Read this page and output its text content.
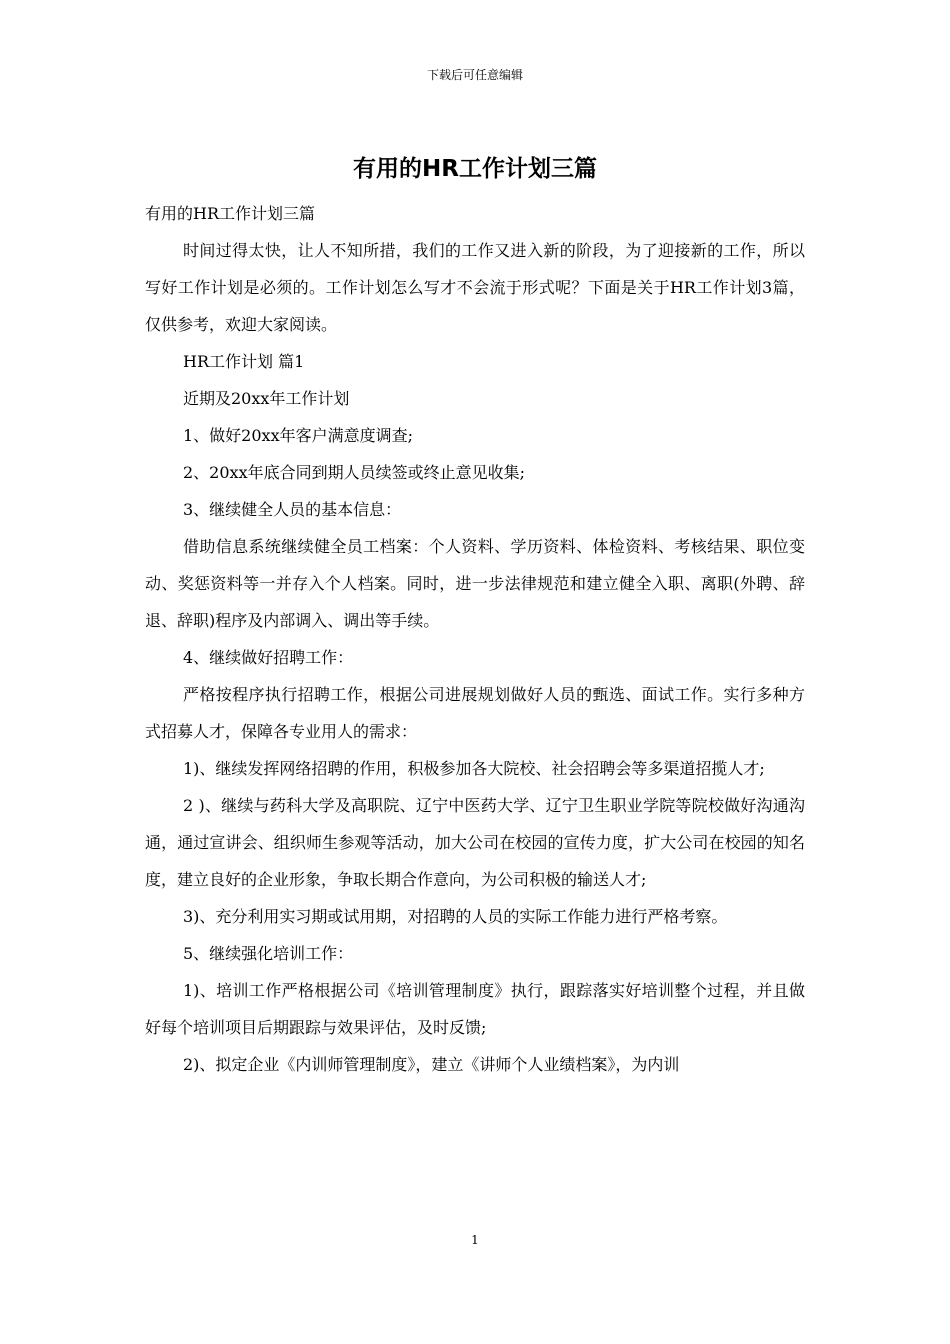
下载后可任意编辑
有用的HR工作计划三篇

有用的HR工作计划三篇

时间过得太快，让人不知所措，我们的工作又进入新的阶段，为了迎接新的工作，所以写好工作计划是必须的。工作计划怎么写才不会流于形式呢？下面是关于HR工作计划3篇，仅供参考，欢迎大家阅读。

HR工作计划 篇1

近期及20xx年工作计划

1、做好20xx年客户满意度调查;

2、20xx年底合同到期人员续签或终止意见收集;

3、继续健全人员的基本信息：

借助信息系统继续健全员工档案：个人资料、学历资料、体检资料、考核结果、职位变动、奖惩资料等一并存入个人档案。同时，进一步法律规范和建立健全入职、离职(外聘、辞退、辞职)程序及内部调入、调出等手续。

4、继续做好招聘工作：

严格按程序执行招聘工作，根据公司进展规划做好人员的甄选、面试工作。实行多种方式招募人才，保障各专业用人的需求：

1)、继续发挥网络招聘的作用，积极参加各大院校、社会招聘会等多渠道招揽人才;

2 )、继续与药科大学及高职院、辽宁中医药大学、辽宁卫生职业学院等院校做好沟通沟通，通过宣讲会、组织师生参观等活动，加大公司在校园的宣传力度，扩大公司在校园的知名度，建立良好的企业形象，争取长期合作意向，为公司积极的输送人才;

3)、充分利用实习期或试用期，对招聘的人员的实际工作能力进行严格考察。

5、继续强化培训工作：

1)、培训工作严格根据公司《培训管理制度》执行，跟踪落实好培训整个过程，并且做好每个培训项目后期跟踪与效果评估，及时反馈;

2)、拟定企业《内训师管理制度》，建立《讲师个人业绩档案》，为内训

1
